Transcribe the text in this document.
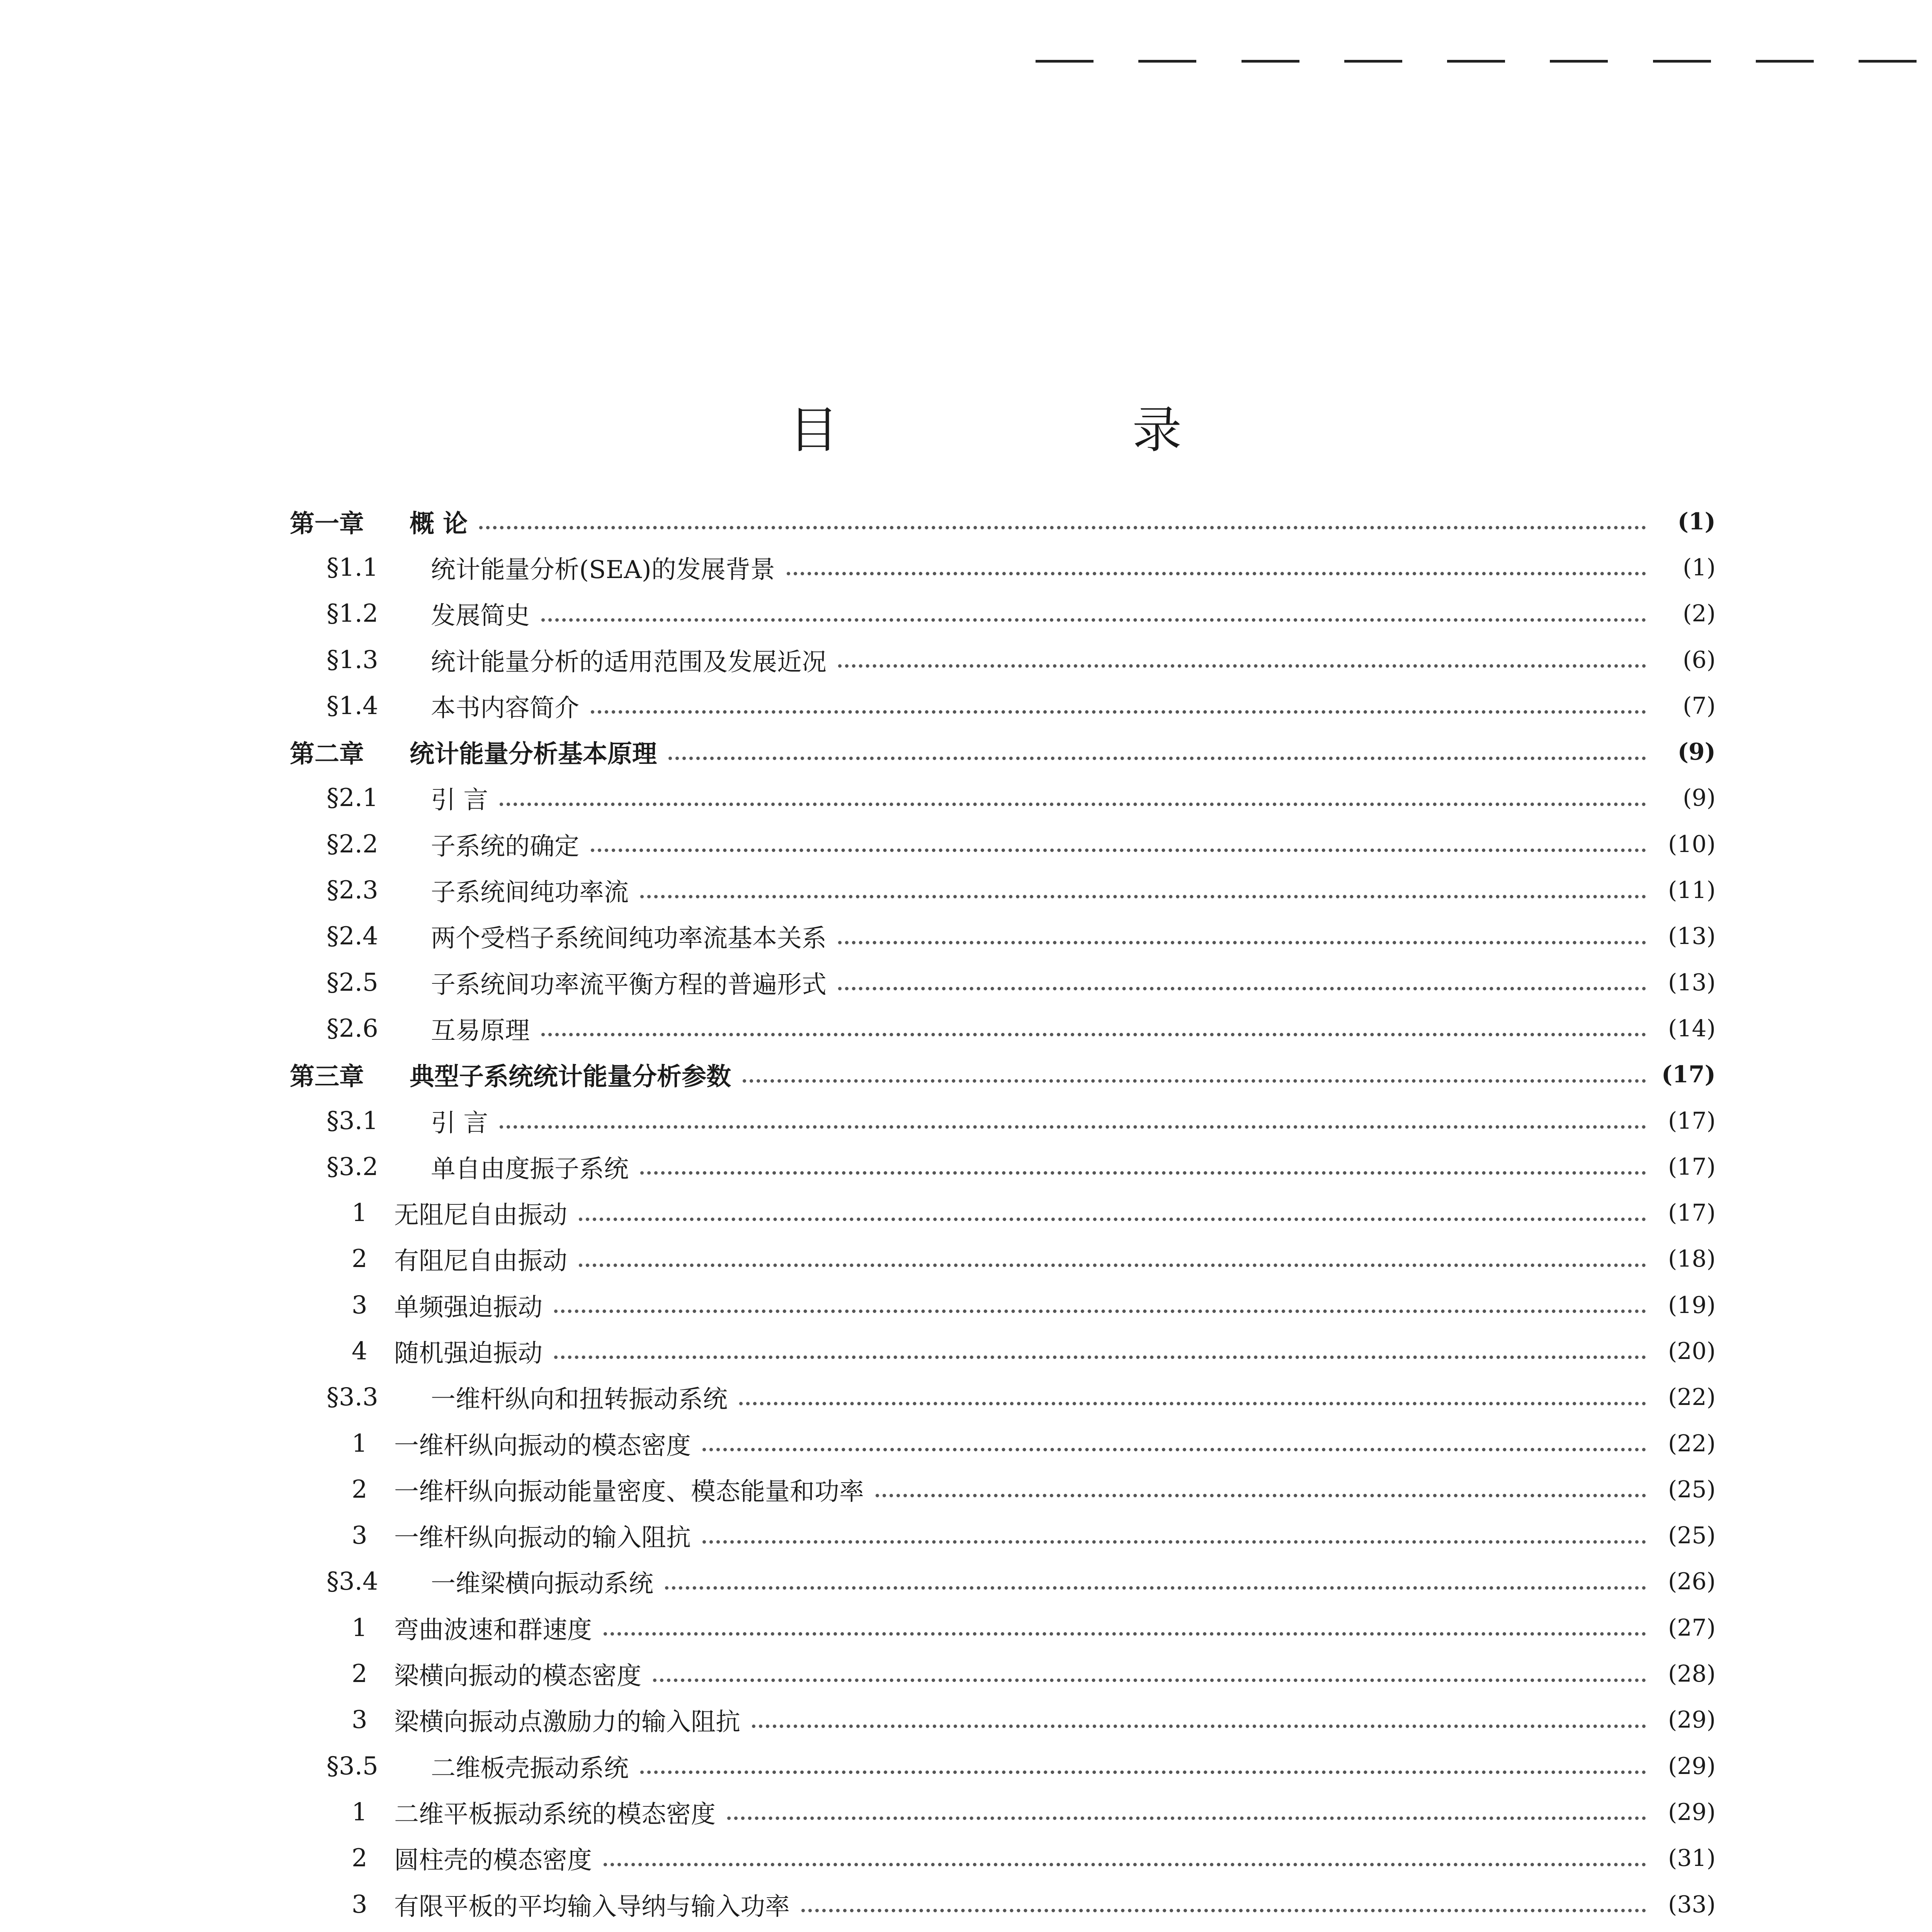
目 录
第一章	概 论	(1)
§1.1	统计能量分析(SEA)的发展背景	(1)
§1.2	发展简史	(2)
§1.3	统计能量分析的适用范围及发展近况	(6)
§1.4	本书内容简介	(7)
第二章	统计能量分析基本原理	(9)
§2.1	引 言	(9)
§2.2	子系统的确定	(10)
§2.3	子系统间纯功率流	(11)
§2.4	两个受档子系统间纯功率流基本关系	(13)
§2.5	子系统间功率流平衡方程的普遍形式	(13)
§2.6	互易原理	(14)
第三章	典型子系统统计能量分析参数	(17)
§3.1	引 言	(17)
§3.2	单自由度振子系统	(17)
1	无阻尼自由振动	(17)
2	有阻尼自由振动	(18)
3	单频强迫振动	(19)
4	随机强迫振动	(20)
§3.3	一维杆纵向和扭转振动系统	(22)
1	一维杆纵向振动的模态密度	(22)
2	一维杆纵向振动能量密度、模态能量和功率	(25)
3	一维杆纵向振动的输入阻抗	(25)
§3.4	一维梁横向振动系统	(26)
1	弯曲波速和群速度	(27)
2	梁横向振动的模态密度	(28)
3	梁横向振动点激励力的输入阻抗	(29)
§3.5	二维板壳振动系统	(29)
1	二维平板振动系统的模态密度	(29)
2	圆柱壳的模态密度	(31)
3	有限平板的平均输入导纳与输入功率	(33)
